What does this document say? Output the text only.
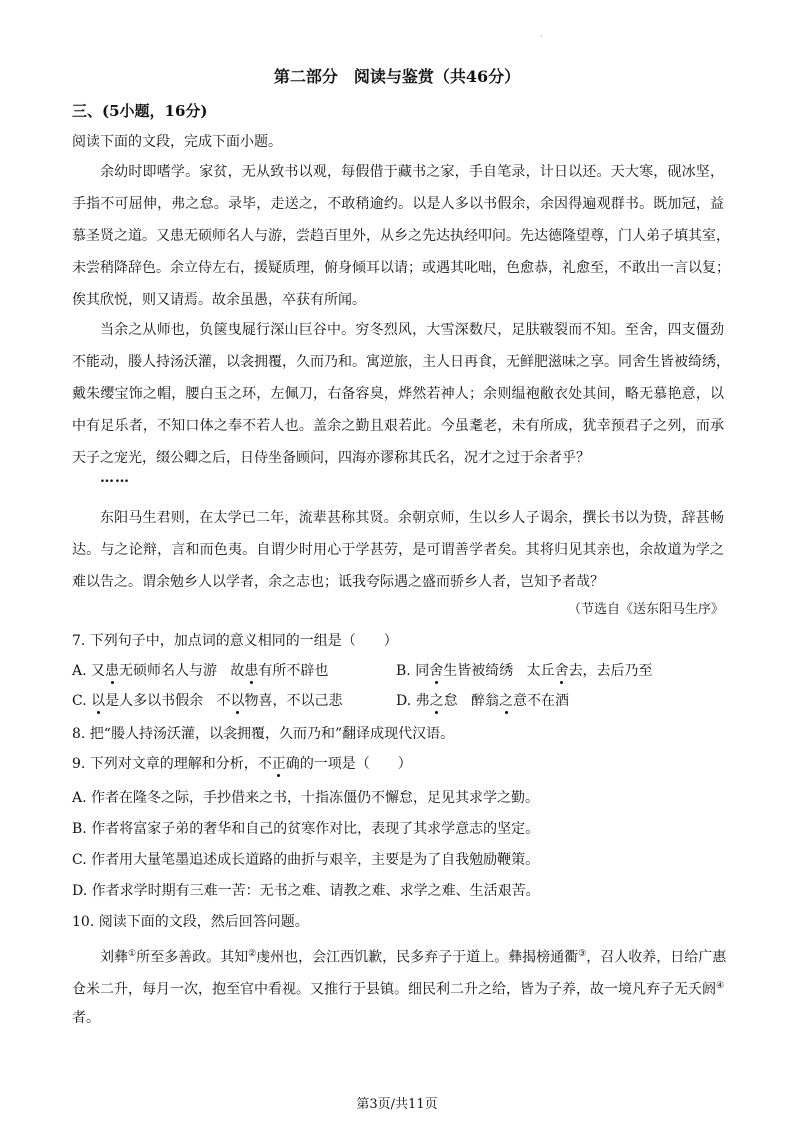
·
第二部分　阅读与鉴赏（共46分）
三、(5小题，16分)
阅读下面的文段，完成下面小题。
余幼时即嗜学。家贫，无从致书以观，每假借于藏书之家，手自笔录，计日以还。天大寒，砚冰坚，
手指不可屈伸，弗之怠。录毕，走送之，不敢稍逾约。以是人多以书假余，余因得遍观群书。既加冠，益
慕圣贤之道。又患无硕师名人与游，尝趋百里外，从乡之先达执经叩问。先达德隆望尊，门人弟子填其室，
未尝稍降辞色。余立侍左右，援疑质理，俯身倾耳以请；或遇其叱咄，色愈恭，礼愈至，不敢出一言以复；
俟其欣悦，则又请焉。故余虽愚，卒获有所闻。
当余之从师也，负箧曳屣行深山巨谷中。穷冬烈风，大雪深数尺，足肤皲裂而不知。至舍，四支僵劲
不能动，媵人持汤沃灌，以衾拥覆，久而乃和。寓逆旅，主人日再食，无鲜肥滋味之享。同舍生皆被绮绣，
戴朱缨宝饰之帽，腰白玉之环，左佩刀，右备容臭，烨然若神人；余则缊袍敝衣处其间，略无慕艳意，以
中有足乐者，不知口体之奉不若人也。盖余之勤且艰若此。今虽耄老，未有所成，犹幸预君子之列，而承
天子之宠光，缀公卿之后，日侍坐备顾问，四海亦谬称其氏名，况才之过于余者乎？
……
东阳马生君则，在太学已二年，流辈甚称其贤。余朝京师，生以乡人子谒余，撰长书以为贽，辞甚畅
达。与之论辩，言和而色夷。自谓少时用心于学甚劳，是可谓善学者矣。其将归见其亲也，余故道为学之
难以告之。谓余勉乡人以学者，余之志也；诋我夸际遇之盛而骄乡人者，岂知予者哉？
（节选自《送东阳马生序》
7. 下列句子中，加点词的意义相同的一组是（　　）
A. 又患无硕师名人与游 故患有所不辟也	B. 同舍生皆被绮绣 太丘舍去，去后乃至
C. 以是人多以书假余 不以物喜，不以己悲	D. 弗之怠 醉翁之意不在酒
8. 把“媵人持汤沃灌，以衾拥覆，久而乃和”翻译成现代汉语。
9. 下列对文章的理解和分析，不正确的一项是（　　）
A. 作者在隆冬之际，手抄借来之书，十指冻僵仍不懈怠，足见其求学之勤。
B. 作者将富家子弟的奢华和自己的贫寒作对比，表现了其求学意志的坚定。
C. 作者用大量笔墨追述成长道路的曲折与艰辛，主要是为了自我勉励鞭策。
D. 作者求学时期有三难一苦：无书之难、请教之难、求学之难、生活艰苦。
10. 阅读下面的文段，然后回答问题。
刘彝①所至多善政。其知②虔州也，会江西饥歉，民多弃子于道上。彝揭榜通衢③，召人收养，日给广惠
仓米二升，每月一次，抱至官中看视。又推行于县镇。细民利二升之给，皆为子养，故一境凡弃子无夭阏④
者。
第3页/共11页
